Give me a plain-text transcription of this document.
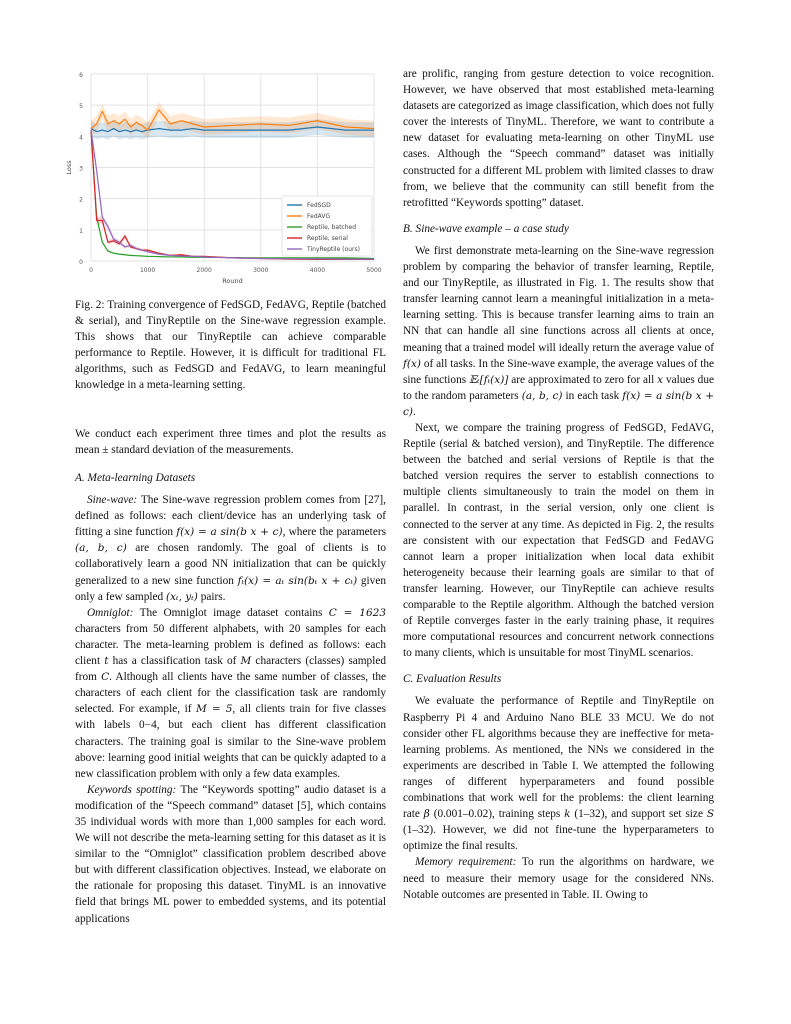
0
1
2
3
4
5
6
0	1000	2000	3000	4000	5000
Round
Loss
FedSGD
FedAVG
Reptile, batched
Reptile, serial
TinyReptile (ours)

Fig. 2: Training convergence of FedSGD, FedAVG, Reptile (batched & serial), and TinyReptile on the Sine-wave regression example. This shows that our TinyReptile can achieve comparable performance to Reptile. However, it is difficult for traditional FL algorithms, such as FedSGD and FedAVG, to learn meaningful knowledge in a meta-learning setting.

We conduct each experiment three times and plot the results as mean ± standard deviation of the measurements.

A. Meta-learning Datasets

Sine-wave: The Sine-wave regression problem comes from [27], defined as follows: each client/device has an underlying task of fitting a sine function f(x) = a sin(b x + c), where the parameters (a, b, c) are chosen randomly. The goal of clients is to collaboratively learn a good NN initialization that can be quickly generalized to a new sine function fₜ(x) = aₜ sin(bₜ x + cₜ) given only a few sampled (xₜ, yₜ) pairs.

Omniglot: The Omniglot image dataset contains C = 1623 characters from 50 different alphabets, with 20 samples for each character. The meta-learning problem is defined as follows: each client t has a classification task of M characters (classes) sampled from C. Although all clients have the same number of classes, the characters of each client for the classification task are randomly selected. For example, if M = 5, all clients train for five classes with labels 0−4, but each client has different classification characters. The training goal is similar to the Sine-wave problem above: learning good initial weights that can be quickly adapted to a new classification problem with only a few data examples.

Keywords spotting: The “Keywords spotting” audio dataset is a modification of the “Speech command” dataset [5], which contains 35 individual words with more than 1,000 samples for each word. We will not describe the meta-learning setting for this dataset as it is similar to the “Omniglot” classification problem described above but with different classification objectives. Instead, we elaborate on the rationale for proposing this dataset. TinyML is an innovative field that brings ML power to embedded systems, and its potential applications

are prolific, ranging from gesture detection to voice recognition. However, we have observed that most established meta-learning datasets are categorized as image classification, which does not fully cover the interests of TinyML. Therefore, we want to contribute a new dataset for evaluating meta-learning on other TinyML use cases. Although the “Speech command” dataset was initially constructed for a different ML problem with limited classes to draw from, we believe that the community can still benefit from the retrofitted “Keywords spotting” dataset.

B. Sine-wave example – a case study

We first demonstrate meta-learning on the Sine-wave regression problem by comparing the behavior of transfer learning, Reptile, and our TinyReptile, as illustrated in Fig. 1. The results show that transfer learning cannot learn a meaningful initialization in a meta-learning setting. This is because transfer learning aims to train an NN that can handle all sine functions across all clients at once, meaning that a trained model will ideally return the average value of f(x) of all tasks. In the Sine-wave example, the average values of the sine functions 𝔼ₜ[fₜ(x)] are approximated to zero for all x values due to the random parameters (a, b, c) in each task f(x) = a sin(b x + c).

Next, we compare the training progress of FedSGD, FedAVG, Reptile (serial & batched version), and TinyReptile. The difference between the batched and serial versions of Reptile is that the batched version requires the server to establish connections to multiple clients simultaneously to train the model on them in parallel. In contrast, in the serial version, only one client is connected to the server at any time. As depicted in Fig. 2, the results are consistent with our expectation that FedSGD and FedAVG cannot learn a proper initialization when local data exhibit heterogeneity because their learning goals are similar to that of transfer learning. However, our TinyReptile can achieve results comparable to the Reptile algorithm. Although the batched version of Reptile converges faster in the early training phase, it requires more computational resources and concurrent network connections to many clients, which is unsuitable for most TinyML scenarios.

C. Evaluation Results

We evaluate the performance of Reptile and TinyReptile on Raspberry Pi 4 and Arduino Nano BLE 33 MCU. We do not consider other FL algorithms because they are ineffective for meta-learning problems. As mentioned, the NNs we considered in the experiments are described in Table I. We attempted the following ranges of different hyperparameters and found possible combinations that work well for the problems: the client learning rate β (0.001–0.02), training steps k (1–32), and support set size S (1–32). However, we did not fine-tune the hyperparameters to optimize the final results.

Memory requirement: To run the algorithms on hardware, we need to measure their memory usage for the considered NNs. Notable outcomes are presented in Table. II. Owing to
